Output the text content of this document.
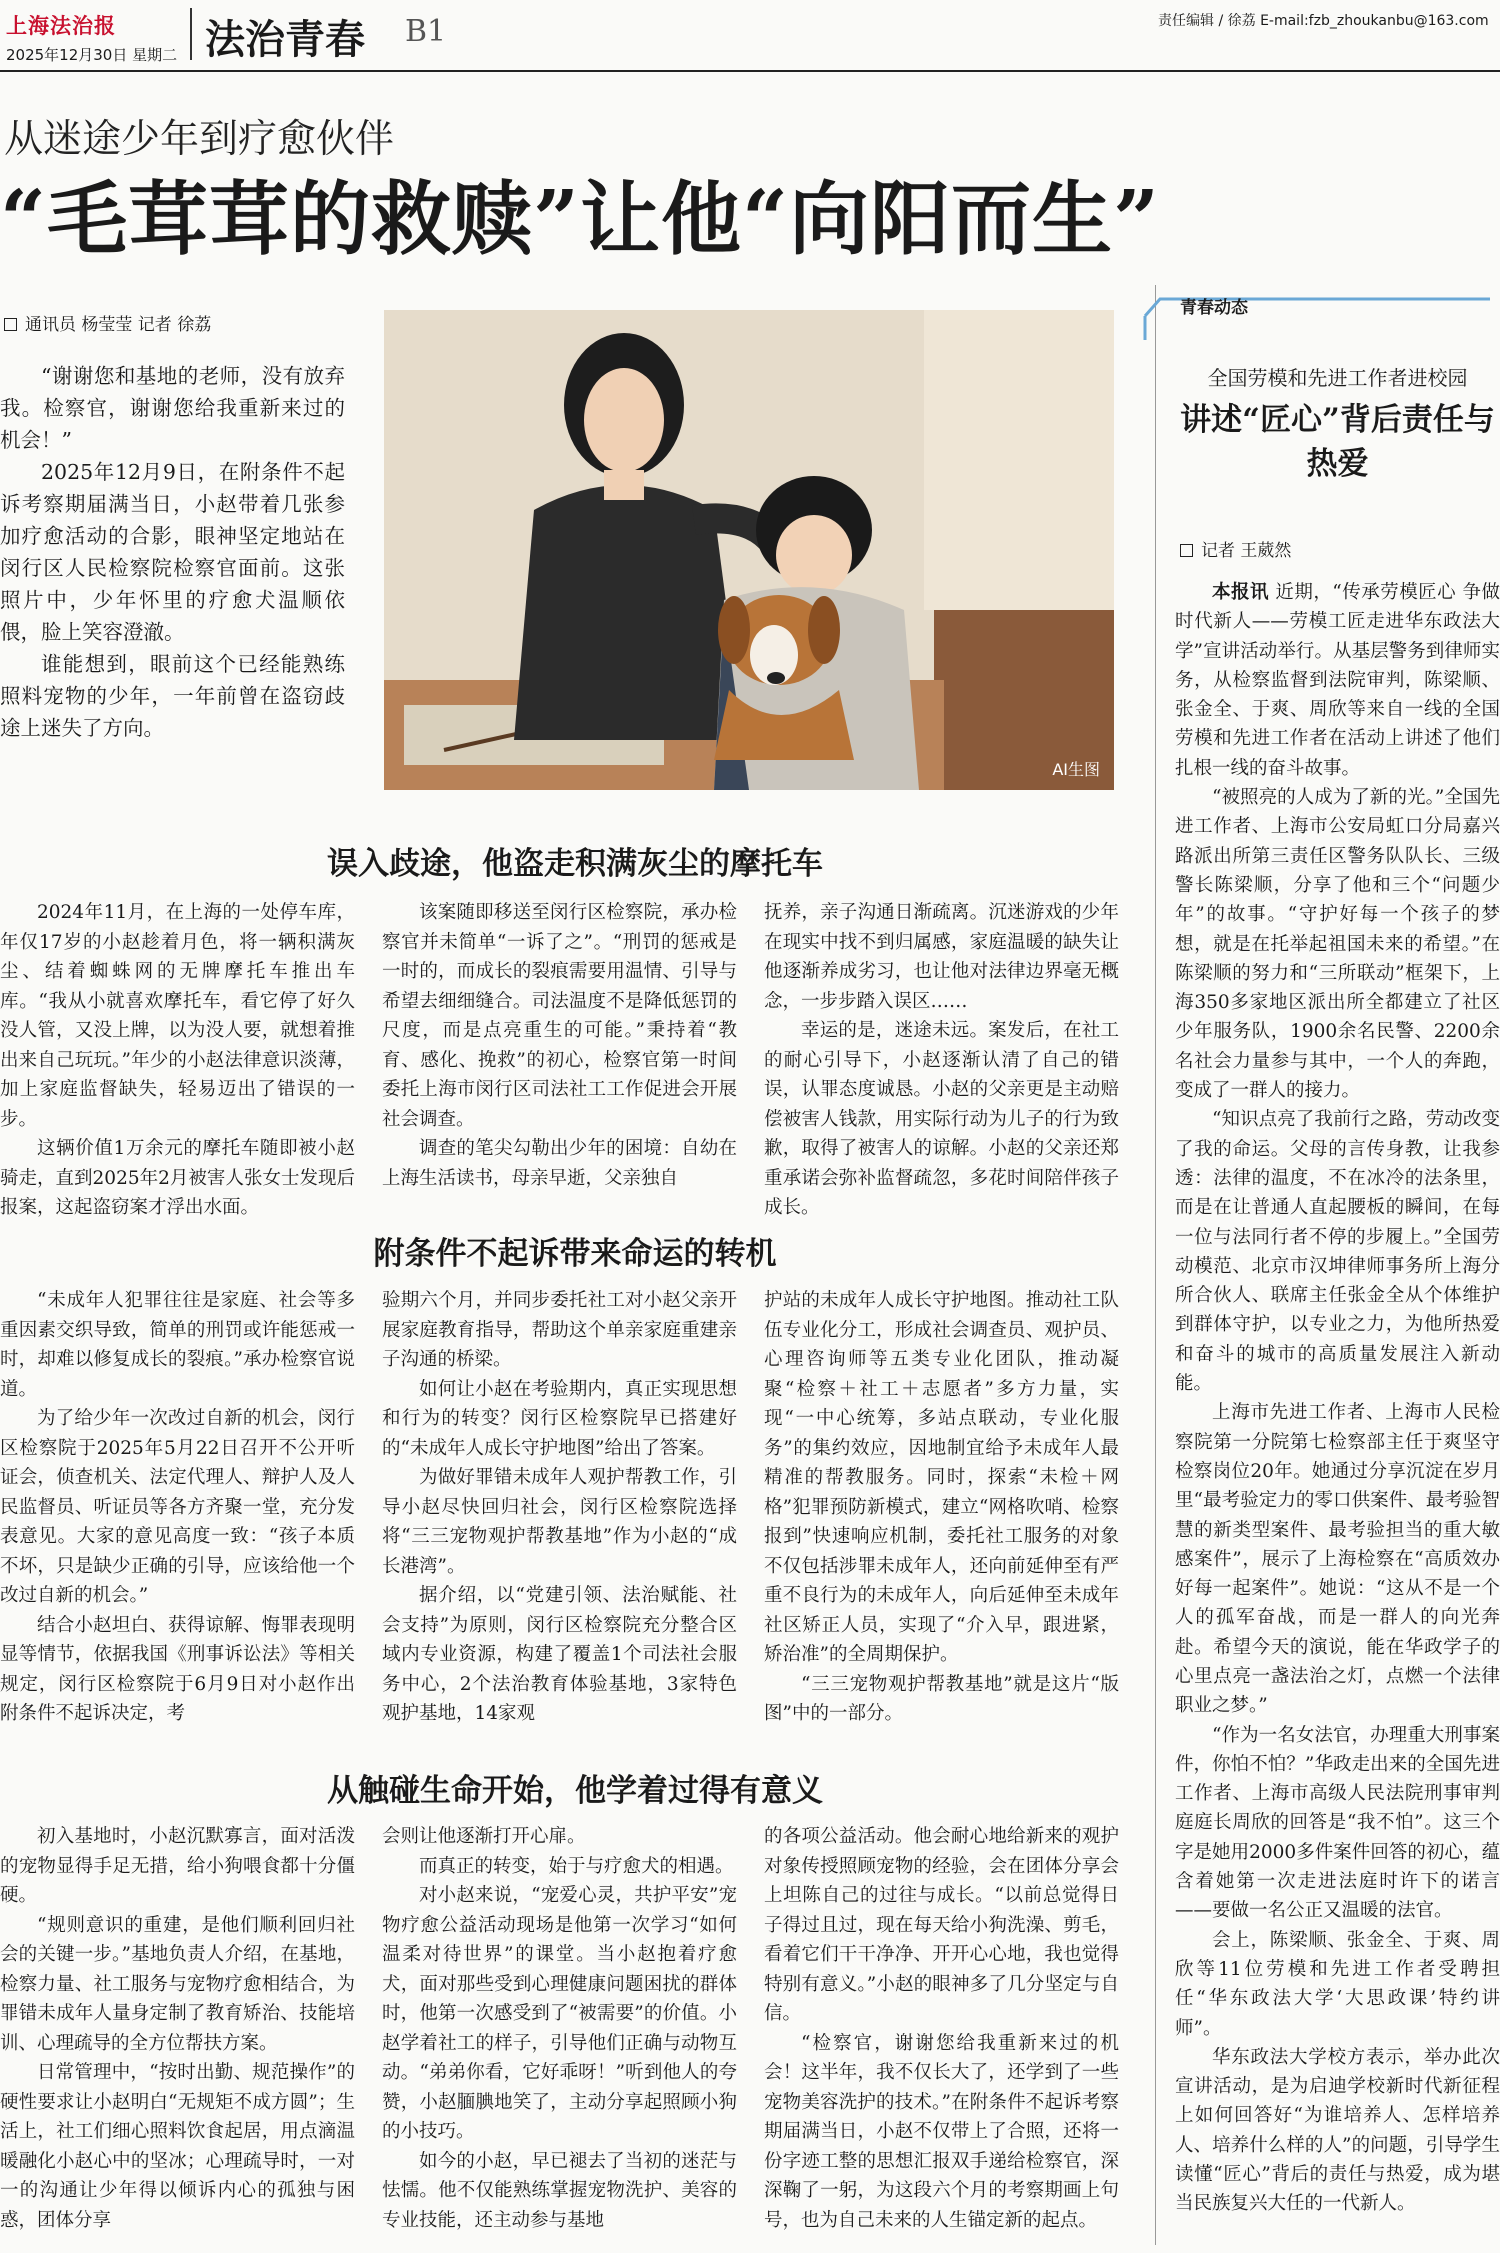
上海法治报
2025年12月30日 星期二 法治青春 B1	责任编辑 / 徐荔 E-mail:fzb_zhoukanbu@163.com
从迷途少年到疗愈伙伴
“毛茸茸的救赎”让他“向阳而生”
通讯员 杨莹莹 记者 徐荔

“谢谢您和基地的老师，没有放弃我。检察官，谢谢您给我重新来过的机会！”

2025年12月9日，在附条件不起诉考察期届满当日，小赵带着几张参加疗愈活动的合影，眼神坚定地站在闵行区人民检察院检察官面前。这张照片中，少年怀里的疗愈犬温顺依偎，脸上笑容澄澈。

谁能想到，眼前这个已经能熟练照料宠物的少年，一年前曾在盗窃歧途上迷失了方向。

AI生图
误入歧途，他盗走积满灰尘的摩托车

2024年11月，在上海的一处停车库，年仅17岁的小赵趁着月色，将一辆积满灰尘、结着蜘蛛网的无牌摩托车推出车库。“我从小就喜欢摩托车，看它停了好久没人管，又没上牌，以为没人要，就想着推出来自己玩玩。”年少的小赵法律意识淡薄，加上家庭监督缺失，轻易迈出了错误的一步。

这辆价值1万余元的摩托车随即被小赵骑走，直到2025年2月被害人张女士发现后报案，这起盗窃案才浮出水面。

该案随即移送至闵行区检察院，承办检察官并未简单“一诉了之”。“刑罚的惩戒是一时的，而成长的裂痕需要用温情、引导与希望去细细缝合。司法温度不是降低惩罚的尺度，而是点亮重生的可能。”秉持着“教育、感化、挽救”的初心，检察官第一时间委托上海市闵行区司法社工工作促进会开展社会调查。

调查的笔尖勾勒出少年的困境：自幼在上海生活读书，母亲早逝，父亲独自

抚养，亲子沟通日渐疏离。沉迷游戏的少年在现实中找不到归属感，家庭温暖的缺失让他逐渐养成劣习，也让他对法律边界毫无概念，一步步踏入误区……

幸运的是，迷途未远。案发后，在社工的耐心引导下，小赵逐渐认清了自己的错误，认罪态度诚恳。小赵的父亲更是主动赔偿被害人钱款，用实际行动为儿子的行为致歉，取得了被害人的谅解。小赵的父亲还郑重承诺会弥补监督疏忽，多花时间陪伴孩子成长。

附条件不起诉带来命运的转机

“未成年人犯罪往往是家庭、社会等多重因素交织导致，简单的刑罚或许能惩戒一时，却难以修复成长的裂痕。”承办检察官说道。

为了给少年一次改过自新的机会，闵行区检察院于2025年5月22日召开不公开听证会，侦查机关、法定代理人、辩护人及人民监督员、听证员等各方齐聚一堂，充分发表意见。大家的意见高度一致：“孩子本质不坏，只是缺少正确的引导，应该给他一个改过自新的机会。”

结合小赵坦白、获得谅解、悔罪表现明显等情节，依据我国《刑事诉讼法》等相关规定，闵行区检察院于6月9日对小赵作出附条件不起诉决定，考

验期六个月，并同步委托社工对小赵父亲开展家庭教育指导，帮助这个单亲家庭重建亲子沟通的桥梁。

如何让小赵在考验期内，真正实现思想和行为的转变？闵行区检察院早已搭建好的“未成年人成长守护地图”给出了答案。

为做好罪错未成年人观护帮教工作，引导小赵尽快回归社会，闵行区检察院选择将“三三宠物观护帮教基地”作为小赵的“成长港湾”。

据介绍，以“党建引领、法治赋能、社会支持”为原则，闵行区检察院充分整合区域内专业资源，构建了覆盖1个司法社会服务中心，2个法治教育体验基地，3家特色观护基地，14家观

护站的未成年人成长守护地图。推动社工队伍专业化分工，形成社会调查员、观护员、心理咨询师等五类专业化团队，推动凝聚“检察＋社工＋志愿者”多方力量，实现“一中心统筹，多站点联动，专业化服务”的集约效应，因地制宜给予未成年人最精准的帮教服务。同时，探索“未检＋网格”犯罪预防新模式，建立“网格吹哨、检察报到”快速响应机制，委托社工服务的对象不仅包括涉罪未成年人，还向前延伸至有严重不良行为的未成年人，向后延伸至未成年社区矫正人员，实现了“介入早，跟进紧，矫治准”的全周期保护。

“三三宠物观护帮教基地”就是这片“版图”中的一部分。

从触碰生命开始，他学着过得有意义

初入基地时，小赵沉默寡言，面对活泼的宠物显得手足无措，给小狗喂食都十分僵硬。

“规则意识的重建，是他们顺利回归社会的关键一步。”基地负责人介绍，在基地，检察力量、社工服务与宠物疗愈相结合，为罪错未成年人量身定制了教育矫治、技能培训、心理疏导的全方位帮扶方案。

日常管理中，“按时出勤、规范操作”的硬性要求让小赵明白“无规矩不成方圆”；生活上，社工们细心照料饮食起居，用点滴温暖融化小赵心中的坚冰；心理疏导时，一对一的沟通让少年得以倾诉内心的孤独与困惑，团体分享

会则让他逐渐打开心扉。

而真正的转变，始于与疗愈犬的相遇。

对小赵来说，“宠爱心灵，共护平安”宠物疗愈公益活动现场是他第一次学习“如何温柔对待世界”的课堂。当小赵抱着疗愈犬，面对那些受到心理健康问题困扰的群体时，他第一次感受到了“被需要”的价值。小赵学着社工的样子，引导他们正确与动物互动。“弟弟你看，它好乖呀！”听到他人的夸赞，小赵腼腆地笑了，主动分享起照顾小狗的小技巧。

如今的小赵，早已褪去了当初的迷茫与怯懦。他不仅能熟练掌握宠物洗护、美容的专业技能，还主动参与基地

的各项公益活动。他会耐心地给新来的观护对象传授照顾宠物的经验，会在团体分享会上坦陈自己的过往与成长。“以前总觉得日子得过且过，现在每天给小狗洗澡、剪毛，看着它们干干净净、开开心心地，我也觉得特别有意义。”小赵的眼神多了几分坚定与自信。

“检察官，谢谢您给我重新来过的机会！这半年，我不仅长大了，还学到了一些宠物美容洗护的技术。”在附条件不起诉考察期届满当日，小赵不仅带上了合照，还将一份字迹工整的思想汇报双手递给检察官，深深鞠了一躬，为这段六个月的考察期画上句号，也为自己未来的人生锚定新的起点。

青春动态
全国劳模和先进工作者进校园
讲述“匠心”背后责任与热爱
记者 王葳然

本报讯 近期，“传承劳模匠心 争做时代新人——劳模工匠走进华东政法大学”宣讲活动举行。从基层警务到律师实务，从检察监督到法院审判，陈梁顺、张金全、于爽、周欣等来自一线的全国劳模和先进工作者在活动上讲述了他们扎根一线的奋斗故事。

“被照亮的人成为了新的光。”全国先进工作者、上海市公安局虹口分局嘉兴路派出所第三责任区警务队队长、三级警长陈梁顺，分享了他和三个“问题少年”的故事。“守护好每一个孩子的梦想，就是在托举起祖国未来的希望。”在陈梁顺的努力和“三所联动”框架下，上海350多家地区派出所全都建立了社区少年服务队，1900余名民警、2200余名社会力量参与其中，一个人的奔跑，变成了一群人的接力。

“知识点亮了我前行之路，劳动改变了我的命运。父母的言传身教，让我参透：法律的温度，不在冰冷的法条里，而是在让普通人直起腰板的瞬间，在每一位与法同行者不停的步履上。”全国劳动模范、北京市汉坤律师事务所上海分所合伙人、联席主任张金全从个体维护到群体守护，以专业之力，为他所热爱和奋斗的城市的高质量发展注入新动能。

上海市先进工作者、上海市人民检察院第一分院第七检察部主任于爽坚守检察岗位20年。她通过分享沉淀在岁月里“最考验定力的零口供案件、最考验智慧的新类型案件、最考验担当的重大敏感案件”，展示了上海检察在“高质效办好每一起案件”。她说：“这从不是一个人的孤军奋战，而是一群人的向光奔赴。希望今天的演说，能在华政学子的心里点亮一盏法治之灯，点燃一个法律职业之梦。”

“作为一名女法官，办理重大刑事案件，你怕不怕？”华政走出来的全国先进工作者、上海市高级人民法院刑事审判庭庭长周欣的回答是“我不怕”。这三个字是她用2000多件案件回答的初心，蕴含着她第一次走进法庭时许下的诺言——要做一名公正又温暖的法官。

会上，陈梁顺、张金全、于爽、周欣等11位劳模和先进工作者受聘担任“华东政法大学‘大思政课’特约讲师”。

华东政法大学校方表示，举办此次宣讲活动，是为启迪学校新时代新征程上如何回答好“为谁培养人、怎样培养人、培养什么样的人”的问题，引导学生读懂“匠心”背后的责任与热爱，成为堪当民族复兴大任的一代新人。
